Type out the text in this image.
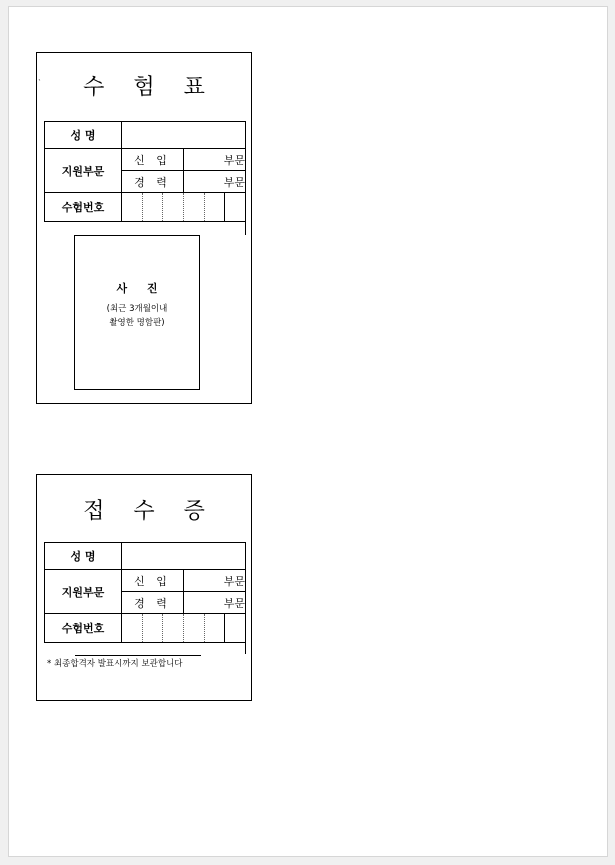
`	수 험 표
성 명		
지원부문	신 입	부문
	경 력	부문
수험번호		
사 진
(최근 3개월이내
촬영한 명함판)
접 수 증
성 명		
지원부문	신 입	부문
	경 력	부문
수험번호		
* 최종합격자 발표시까지 보관합니다
